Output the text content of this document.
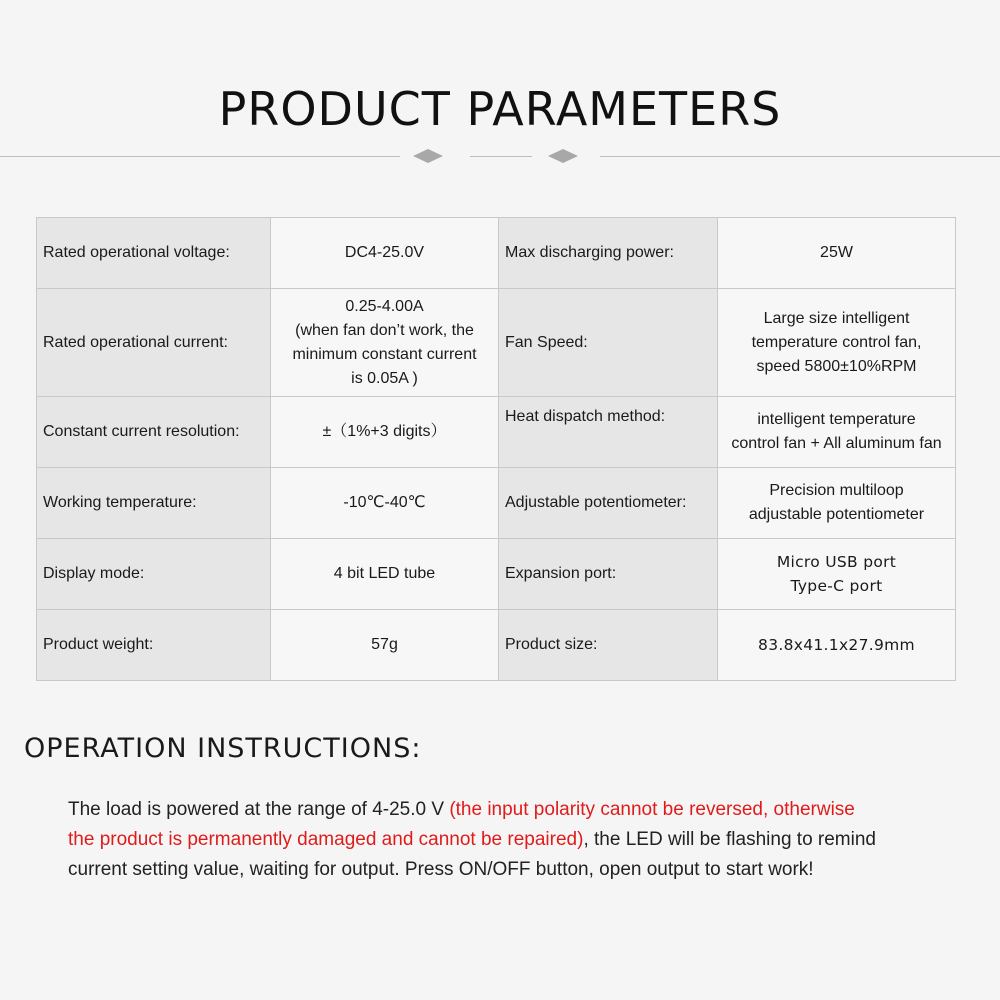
PRODUCT PARAMETERS
Rated operational voltage:	DC4-25.0V	Max discharging power:	25W

Rated operational current:	0.25-4.00A
(when fan don’t work, the
minimum constant current
is 0.05A )	Fan Speed:	Large size intelligent
temperature control fan,
speed 5800±10%RPM

Constant current resolution:	±（1%+3 digits）	Heat dispatch method:	intelligent temperature
control fan + All aluminum fan

Working temperature:	-10℃-40℃	Adjustable potentiometer:	Precision multiloop
adjustable potentiometer

Display mode:	4 bit LED tube	Expansion port:	Micro USB port
Type-C port

Product weight:	57g	Product size:	83.8x41.1x27.9mm
OPERATION INSTRUCTIONS:
The load is powered at the range of 4-25.0 V (the input polarity cannot be reversed, otherwise
the product is permanently damaged and cannot be repaired), the LED will be flashing to remind
current setting value, waiting for output. Press ON/OFF button, open output to start work!
